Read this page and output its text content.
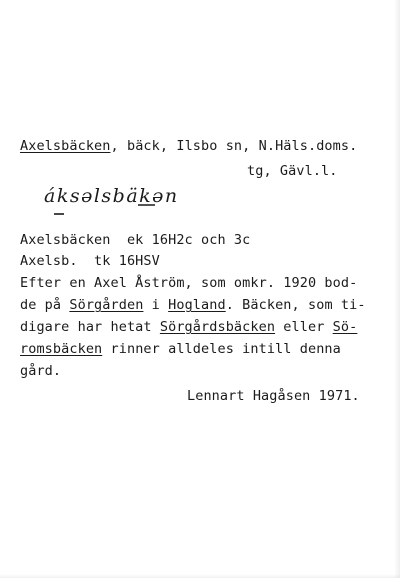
Axelsbäcken, bäck, Ilsbo sn, N.Häls.doms.
tg, Gävl.l.
áksəlsbäkən
Axelsbäcken  ek 16H2c och 3c
Axelsb.  tk 16HSV
Efter en Axel Åström, som omkr. 1920 bod-
de på Sörgården i Hogland. Bäcken, som ti-
digare har hetat Sörgårdsbäcken eller Sö-
romsbäcken rinner alldeles intill denna
gård.
Lennart Hagåsen 1971.
